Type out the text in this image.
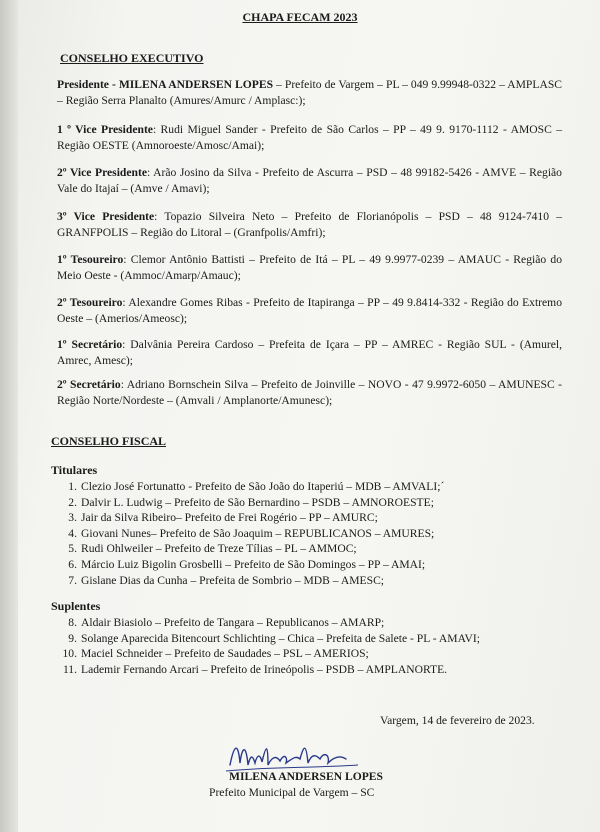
CHAPA FECAM 2023
CONSELHO EXECUTIVO
Presidente - MILENA ANDERSEN LOPES – Prefeito de Vargem – PL – 049 9.99948-0322 – AMPLASC – Região Serra Planalto (Amures/Amurc / Amplasc:);
1 º Vice Presidente: Rudi Miguel Sander - Prefeito de São Carlos – PP – 49 9. 9170-1112 - AMOSC – Região OESTE (Amnoroeste/Amosc/Amai);
2º Vice Presidente: Arão Josino da Silva - Prefeito de Ascurra – PSD – 48 99182-5426 - AMVE – Região Vale do Itajaí – (Amve / Amavi);
3º Vice Presidente: Topazio Silveira Neto – Prefeito de Florianópolis – PSD – 48 9124-7410 – GRANFPOLIS – Região do Litoral – (Granfpolis/Amfri);
1º Tesoureiro: Clemor Antônio Battisti – Prefeito de Itá – PL – 49 9.9977-0239 – AMAUC - Região do Meio Oeste - (Ammoc/Amarp/Amauc);
2º Tesoureiro: Alexandre Gomes Ribas - Prefeito de Itapiranga – PP – 49 9.8414-332 - Região do Extremo Oeste – (Amerios/Ameosc);
1º Secretário: Dalvânia Pereira Cardoso – Prefeita de Içara – PP – AMREC - Região SUL - (Amurel, Amrec, Amesc);
2º Secretário: Adriano Bornschein Silva – Prefeito de Joinville – NOVO - 47 9.9972-6050 – AMUNESC - Região Norte/Nordeste – (Amvali / Amplanorte/Amunesc);
CONSELHO FISCAL
Titulares
1. Clezio José Fortunatto - Prefeito de São João do Itaperiú – MDB – AMVALI;´
2. Dalvir L. Ludwig – Prefeito de São Bernardino – PSDB – AMNOROESTE;
3. Jair da Silva Ribeiro– Prefeito de Frei Rogério – PP – AMURC;
4. Giovani Nunes– Prefeito de São Joaquim – REPUBLICANOS – AMURES;
5. Rudi Ohlweiler – Prefeito de Treze Tílias – PL – AMMOC;
6. Márcio Luiz Bigolin Grosbelli – Prefeito de São Domingos – PP – AMAI;
7. Gislane Dias da Cunha – Prefeita de Sombrio – MDB – AMESC;
Suplentes
8. Aldair Biasiolo – Prefeito de Tangara – Republicanos – AMARP;
9. Solange Aparecida Bitencourt Schlichting – Chica – Prefeita de Salete - PL - AMAVI;
10. Maciel Schneider – Prefeito de Saudades – PSL – AMERIOS;
11. Lademir Fernando Arcari – Prefeito de Irineópolis – PSDB – AMPLANORTE.
Vargem, 14 de fevereiro de 2023.
MILENA ANDERSEN LOPES
Prefeito Municipal de Vargem – SC
